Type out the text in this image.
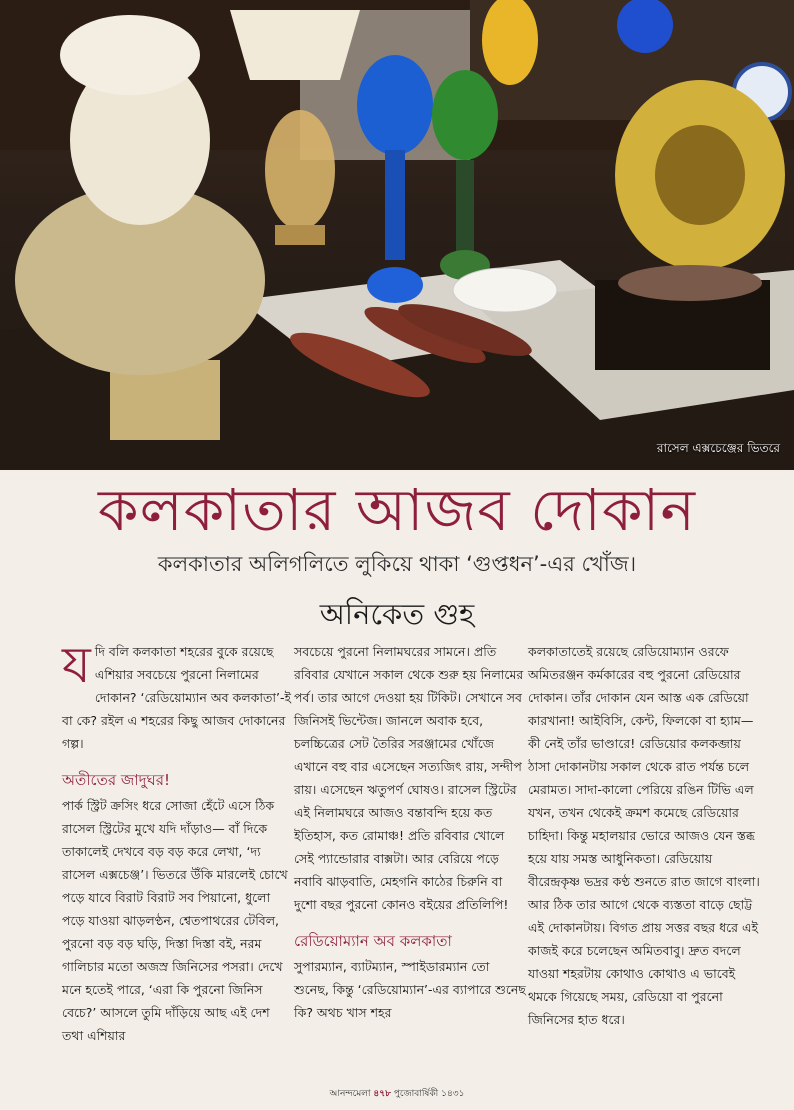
রাসেল এক্সচেঞ্জের ভিতরে
কলকাতার আজব দোকান
কলকাতার অলিগলিতে লুকিয়ে থাকা ‘গুপ্তধন’-এর খোঁজ।
অনিকেত গুহ

যদি বলি কলকাতা শহরের বুকে রয়েছে এশিয়ার সবচেয়ে পুরনো নিলামের দোকান? ‘রেডিয়োম্যান অব কলকাতা’-ই বা কে? রইল এ শহরের কিছু আজব দোকানের গল্প।

অতীতের জাদুঘর!

পার্ক স্ট্রিট ক্রসিং ধরে সোজা হেঁটে এসে ঠিক রাসেল স্ট্রিটের মুখে যদি দাঁড়াও— বাঁ দিকে তাকালেই দেখবে বড় বড় করে লেখা, ‘দ্য রাসেল এক্সচেঞ্জ’। ভিতরে উঁকি মারলেই চোখে পড়ে যাবে বিরাট বিরাট সব পিয়ানো, ধুলো পড়ে যাওয়া ঝাড়লণ্ঠন, শ্বেতপাথরের টেবিল, পুরনো বড় বড় ঘড়ি, দিস্তা দিস্তা বই, নরম গালিচার মতো অজস্র জিনিসের পসরা। দেখে মনে হতেই পারে, ‘এরা কি পুরনো জিনিস বেচে?’ আসলে তুমি দাঁড়িয়ে আছ এই দেশ তথা এশিয়ার

সবচেয়ে পুরনো নিলামঘরের সামনে। প্রতি রবিবার যেখানে সকাল থেকে শুরু হয় নিলামের পর্ব। তার আগে দেওয়া হয় টিকিট। সেখানে সব জিনিসই ভিন্টেজ। জানলে অবাক হবে, চলচ্চিত্রের সেট তৈরির সরঞ্জামের খোঁজে এখানে বহু বার এসেছেন সত্যজিৎ রায়, সন্দীপ রায়। এসেছেন ঋতুপর্ণ ঘোষও। রাসেল স্ট্রিটের এই নিলামঘরে আজও বন্তাবন্দি হয়ে কত ইতিহাস, কত রোমাঞ্চ! প্রতি রবিবার খোলে সেই প্যান্ডোরার বাক্সটা। আর বেরিয়ে পড়ে নবাবি ঝাড়বাতি, মেহগনি কাঠের চিরুনি বা দুশো বছর পুরনো কোনও বইয়ের প্রতিলিপি!

রেডিয়োম্যান অব কলকাতা

সুপারম্যান, ব্যাটম্যান, স্পাইডারম্যান তো শুনেছ, কিন্তু ‘রেডিয়োম্যান’-এর ব্যাপারে শুনেছ কি? অথচ খাস শহর

কলকাতাতেই রয়েছে রেডিয়োম্যান ওরফে অমিতরঞ্জন কর্মকারের বহু পুরনো রেডিয়োর দোকান। তাঁর দোকান যেন আস্ত এক রেডিয়ো কারখানা! আইবিসি, কেন্ট, ফিলকো বা হ্যাম— কী নেই তাঁর ভাণ্ডারে! রেডিয়োর কলকব্জায় ঠাসা দোকানটায় সকাল থেকে রাত পর্যন্ত চলে মেরামত। সাদা-কালো পেরিয়ে রঙিন টিভি এল যখন, তখন থেকেই ক্রমশ কমেছে রেডিয়োর চাহিদা। কিন্তু মহালয়ার ভোরে আজও যেন স্তব্ধ হয়ে যায় সমস্ত আধুনিকতা। রেডিয়োয় বীরেন্দ্রকৃষ্ণ ভদ্রর কণ্ঠ শুনতে রাত জাগে বাংলা। আর ঠিক তার আগে থেকে ব্যস্ততা বাড়ে ছোট্ট এই দোকানটায়। বিগত প্রায় সত্তর বছর ধরে এই কাজই করে চলেছেন অমিতবাবু। দ্রুত বদলে যাওয়া শহরটায় কোথাও কোথাও এ ভাবেই থমকে গিয়েছে সময়, রেডিয়ো বা পুরনো জিনিসের হাত ধরে।

আনন্দমেলা ৪৭৮ পুজোবার্ষিকী ১৪৩১
